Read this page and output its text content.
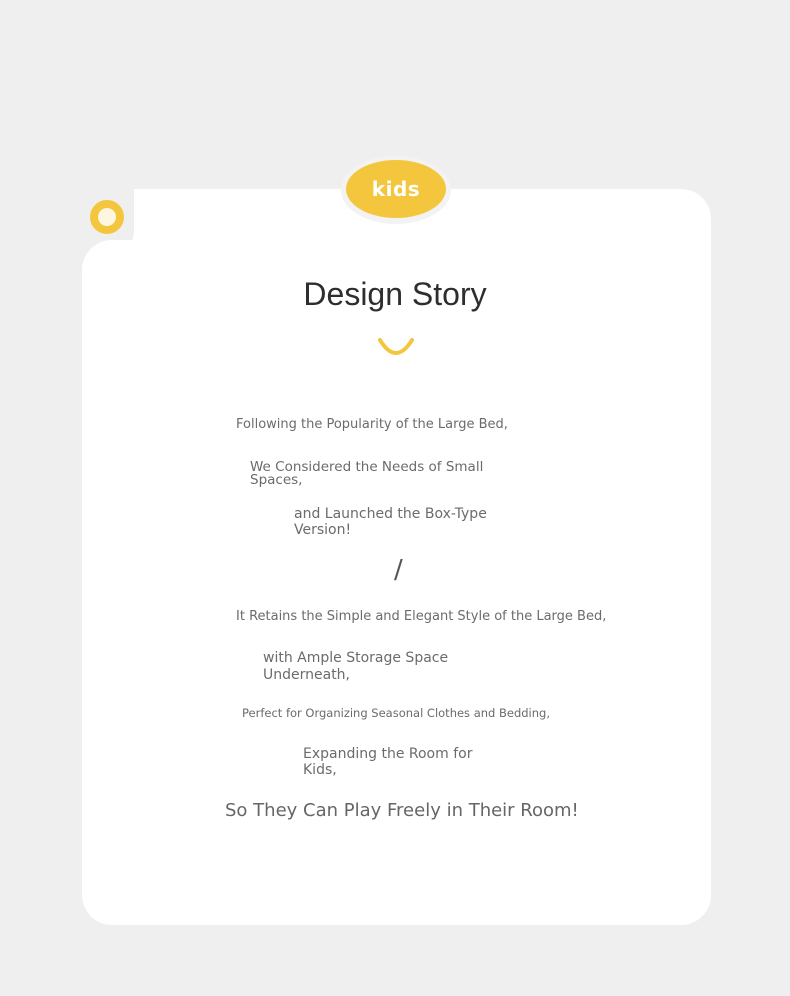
kids
Design Story
Following the Popularity of the Large Bed,
We Considered the Needs of Small Spaces,
and Launched the Box-Type Version!
/
It Retains the Simple and Elegant Style of the Large Bed,
with Ample Storage Space Underneath,
Perfect for Organizing Seasonal Clothes and Bedding,
Expanding the Room for Kids,
So They Can Play Freely in Their Room!
